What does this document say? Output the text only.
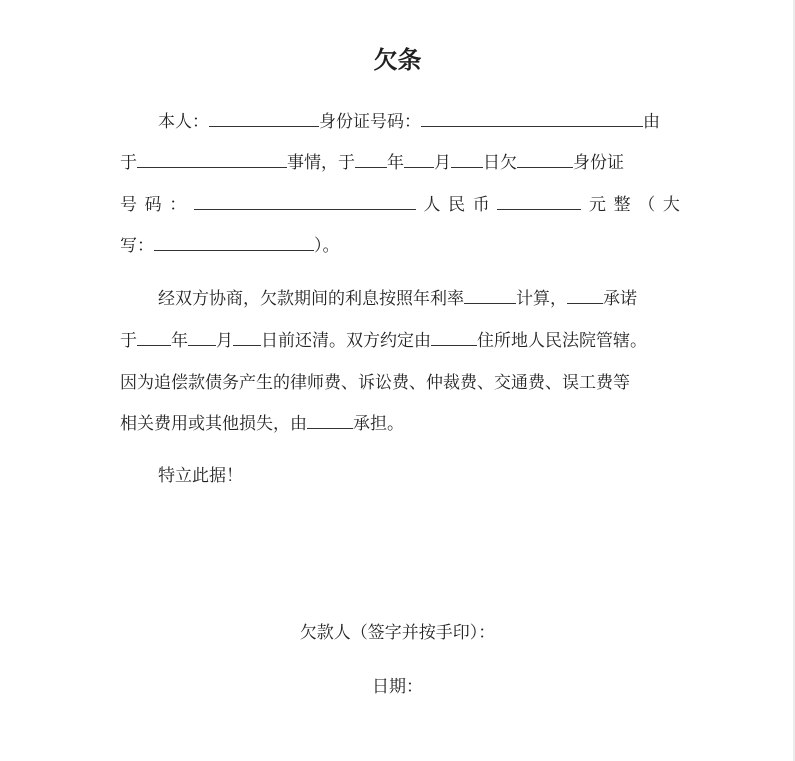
欠条
本人：	身份证号码：	由
于	事情，于 年 月 日欠	身份证
号 码 ：	人 民 币	元 整 （ 大
写：	）。
经双方协商，欠款期间的利息按照年利率	计算， 承诺
于 年 月 日前还清。双方约定由	住所地人民法院管辖。
因为追偿款债务产生的律师费、诉讼费、仲裁费、交通费、误工费等
相关费用或其他损失，由	承担。
特立此据！
欠款人（签字并按手印）：
日期：
